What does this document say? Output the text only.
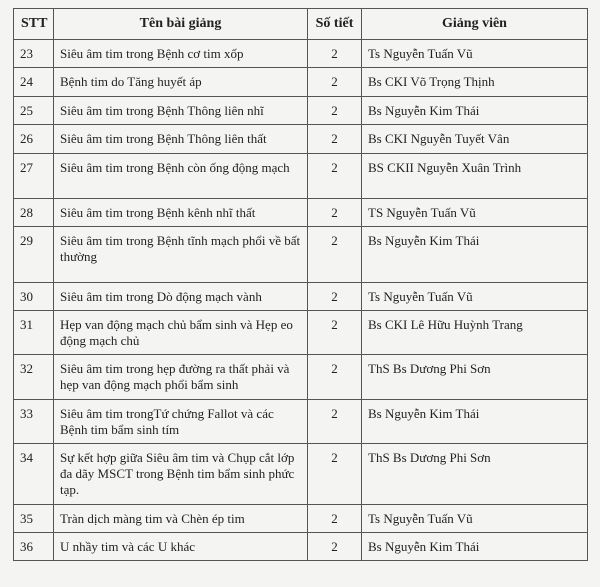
STT	Tên bài giảng	Số tiết	Giảng viên
23	Siêu âm tim trong Bệnh cơ tim xốp	2	Ts Nguyễn Tuấn Vũ
24	Bệnh tim do Tăng huyết áp	2	Bs CKI Võ Trọng Thịnh
25	Siêu âm tim trong Bệnh Thông liên nhĩ	2	Bs Nguyễn Kim Thái
26	Siêu âm tim trong Bệnh Thông liên thất	2	Bs CKI Nguyễn Tuyết Vân
27	Siêu âm tim trong Bệnh còn ống động mạch	2	BS CKII Nguyễn Xuân Trình
28	Siêu âm tim trong Bệnh kênh nhĩ thất	2	TS Nguyễn Tuấn Vũ
29	Siêu âm tim trong Bệnh tĩnh mạch phổi về bất thường	2	Bs Nguyễn Kim Thái
30	Siêu âm tim trong Dò động mạch vành	2	Ts Nguyễn Tuấn Vũ
31	Hẹp van động mạch chủ bẩm sinh và Hẹp eo động mạch chủ	2	Bs CKI Lê Hữu Huỳnh Trang
32	Siêu âm tim trong hẹp đường ra thất phải và hẹp van động mạch phổi bẩm sinh	2	ThS Bs Dương Phi Sơn
33	Siêu âm tim trongTứ chứng Fallot và các Bệnh tim bẩm sinh tím	2	Bs Nguyễn Kim Thái
34	Sự kết hợp giữa Siêu âm tim và Chụp cắt lớp đa dãy MSCT trong Bệnh tim bẩm sinh phức tạp.	2	ThS Bs Dương Phi Sơn
35	Tràn dịch màng tim và Chèn ép tim	2	Ts Nguyễn Tuấn Vũ
36	U nhầy tim và các U khác	2	Bs Nguyễn Kim Thái
